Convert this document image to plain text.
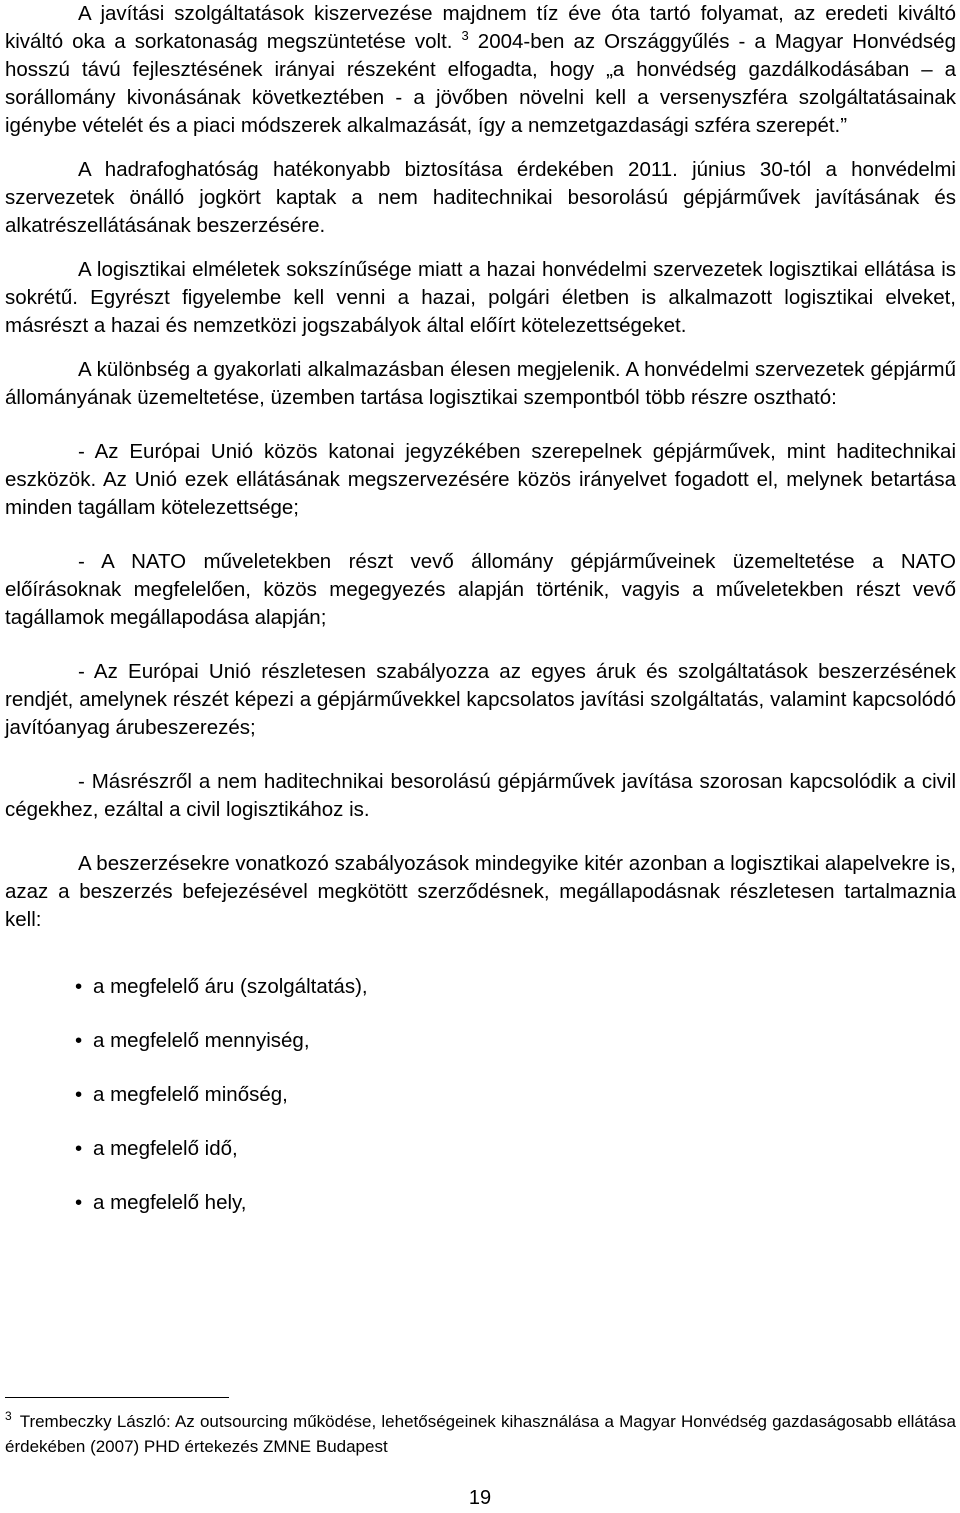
A javítási szolgáltatások kiszervezése majdnem tíz éve óta tartó folyamat, az eredeti kiváltó kiváltó oka a sorkatonaság megszüntetése volt. $^3$ 2004-ben az Országgyűlés - a Magyar Honvédség hosszú távú fejlesztésének irányai részeként elfogadta, hogy „a honvédség gazdálkodásában – a sorállomány kivonásának következtében - a jövőben növelni kell a versenyszféra szolgáltatásainak igénybe vételét és a piaci módszerek alkalmazását, így a nemzetgazdasági szféra szerepét.”

A hadrafoghatóság hatékonyabb biztosítása érdekében 2011. június 30-tól a honvédelmi szervezetek önálló jogkört kaptak a nem haditechnikai besorolású gépjárművek javításának és alkatrészellátásának beszerzésére.

A logisztikai elméletek sokszínűsége miatt a hazai honvédelmi szervezetek logisztikai ellátása is sokrétű. Egyrészt figyelembe kell venni a hazai, polgári életben is alkalmazott logisztikai elveket, másrészt a hazai és nemzetközi jogszabályok által előírt kötelezettségeket.

A különbség a gyakorlati alkalmazásban élesen megjelenik. A honvédelmi szervezetek gépjármű állományának üzemeltetése, üzemben tartása logisztikai szempontból több részre osztható:

- Az Európai Unió közös katonai jegyzékében szerepelnek gépjárművek, mint haditechnikai eszközök. Az Unió ezek ellátásának megszervezésére közös irányelvet fogadott el, melynek betartása minden tagállam kötelezettsége;

- A NATO műveletekben részt vevő állomány gépjárműveinek üzemeltetése a NATO előírásoknak megfelelően, közös megegyezés alapján történik, vagyis a műveletekben részt vevő tagállamok megállapodása alapján;

- Az Európai Unió részletesen szabályozza az egyes áruk és szolgáltatások beszerzésének rendjét, amelynek részét képezi a gépjárművekkel kapcsolatos javítási szolgáltatás, valamint kapcsolódó javítóanyag árubeszerezés;

- Másrészről a nem haditechnikai besorolású gépjárművek javítása szorosan kapcsolódik a civil cégekhez, ezáltal a civil logisztikához is.

A beszerzésekre vonatkozó szabályozások mindegyike kitér azonban a logisztikai alapelvekre is, azaz a beszerzés befejezésével megkötött szerződésnek, megállapodásnak részletesen tartalmaznia kell:

• a megfelelő áru (szolgáltatás),
• a megfelelő mennyiség,
• a megfelelő minőség,
• a megfelelő idő,
• a megfelelő hely,
$^3$ Trembeczky László: Az outsourcing működése, lehetőségeinek kihasználása a Magyar Honvédség gazdaságosabb ellátása érdekében (2007) PHD értekezés ZMNE Budapest
19
